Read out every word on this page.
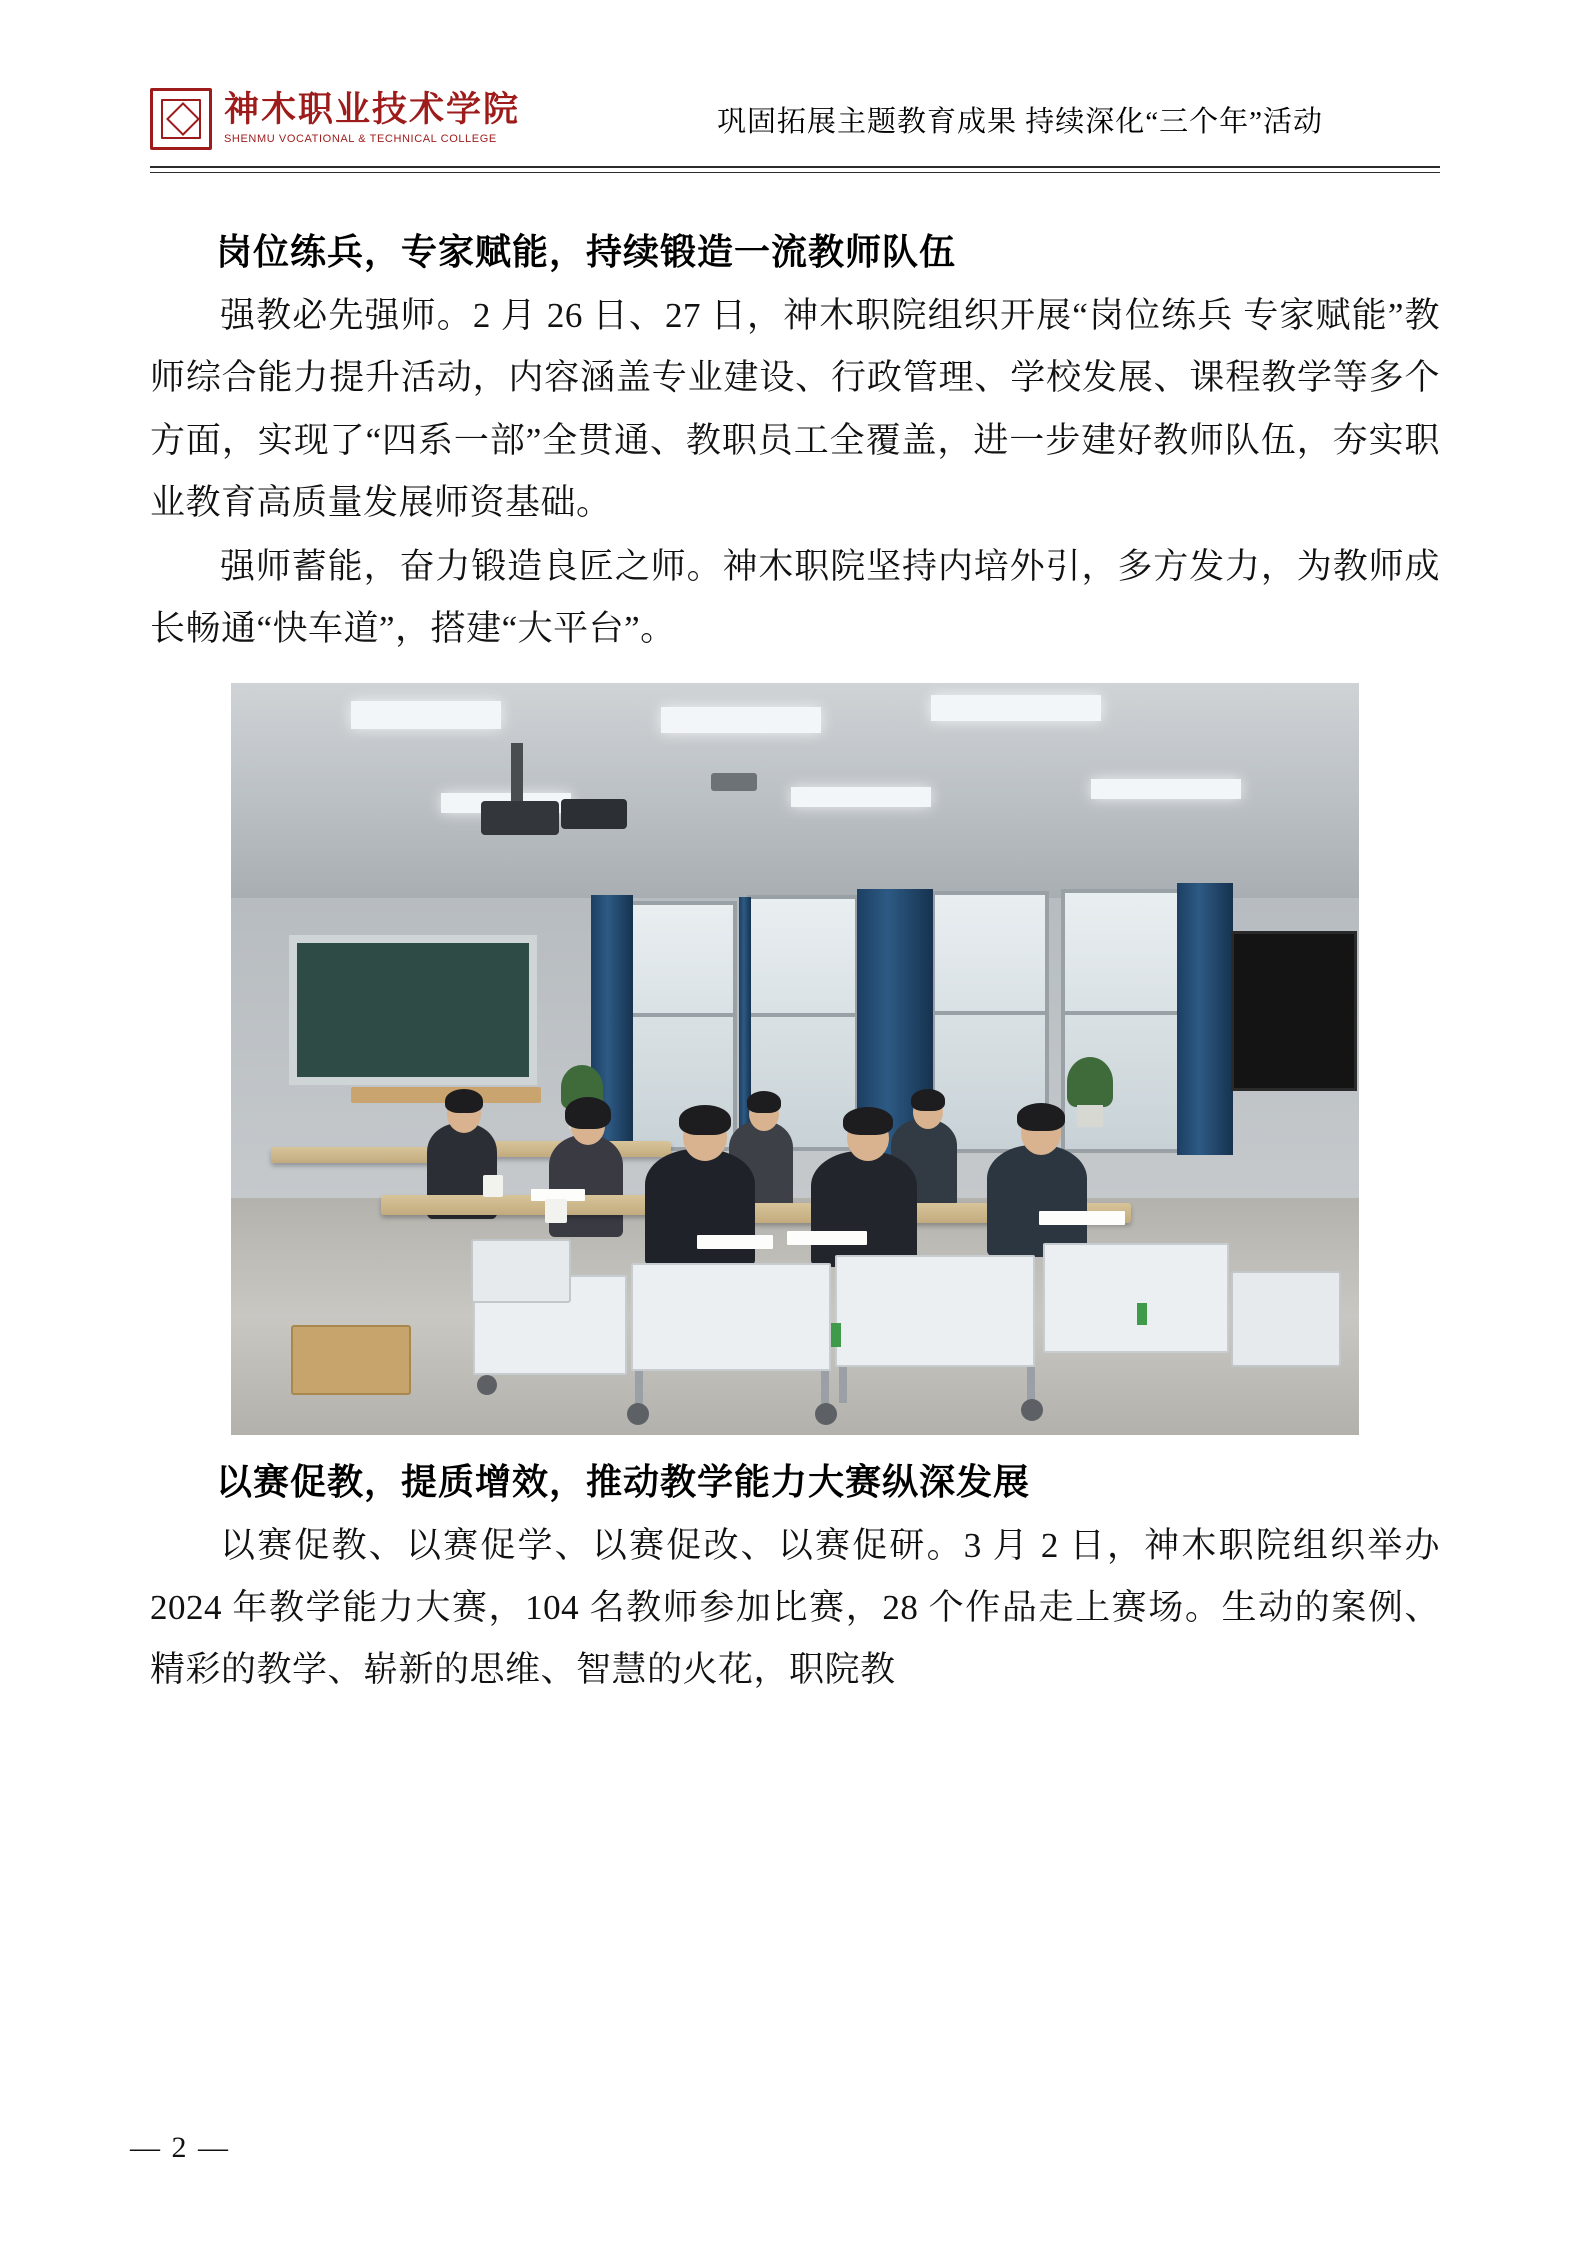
神木职业技术学院
SHENMU VOCATIONAL & TECHNICAL COLLEGE
巩固拓展主题教育成果 持续深化“三个年”活动
岗位练兵，专家赋能，持续锻造一流教师队伍

强教必先强师。2 月 26 日、27 日，神木职院组织开展“岗位练兵 专家赋能”教师综合能力提升活动，内容涵盖专业建设、行政管理、学校发展、课程教学等多个方面，实现了“四系一部”全贯通、教职员工全覆盖，进一步建好教师队伍，夯实职业教育高质量发展师资基础。

强师蓄能，奋力锻造良匠之师。神木职院坚持内培外引，多方发力，为教师成长畅通“快车道”，搭建“大平台”。

以赛促教，提质增效，推动教学能力大赛纵深发展

以赛促教、以赛促学、以赛促改、以赛促研。3 月 2 日，神木职院组织举办 2024 年教学能力大赛，104 名教师参加比赛，28 个作品走上赛场。生动的案例、精彩的教学、崭新的思维、智慧的火花，职院教

— 2 —
